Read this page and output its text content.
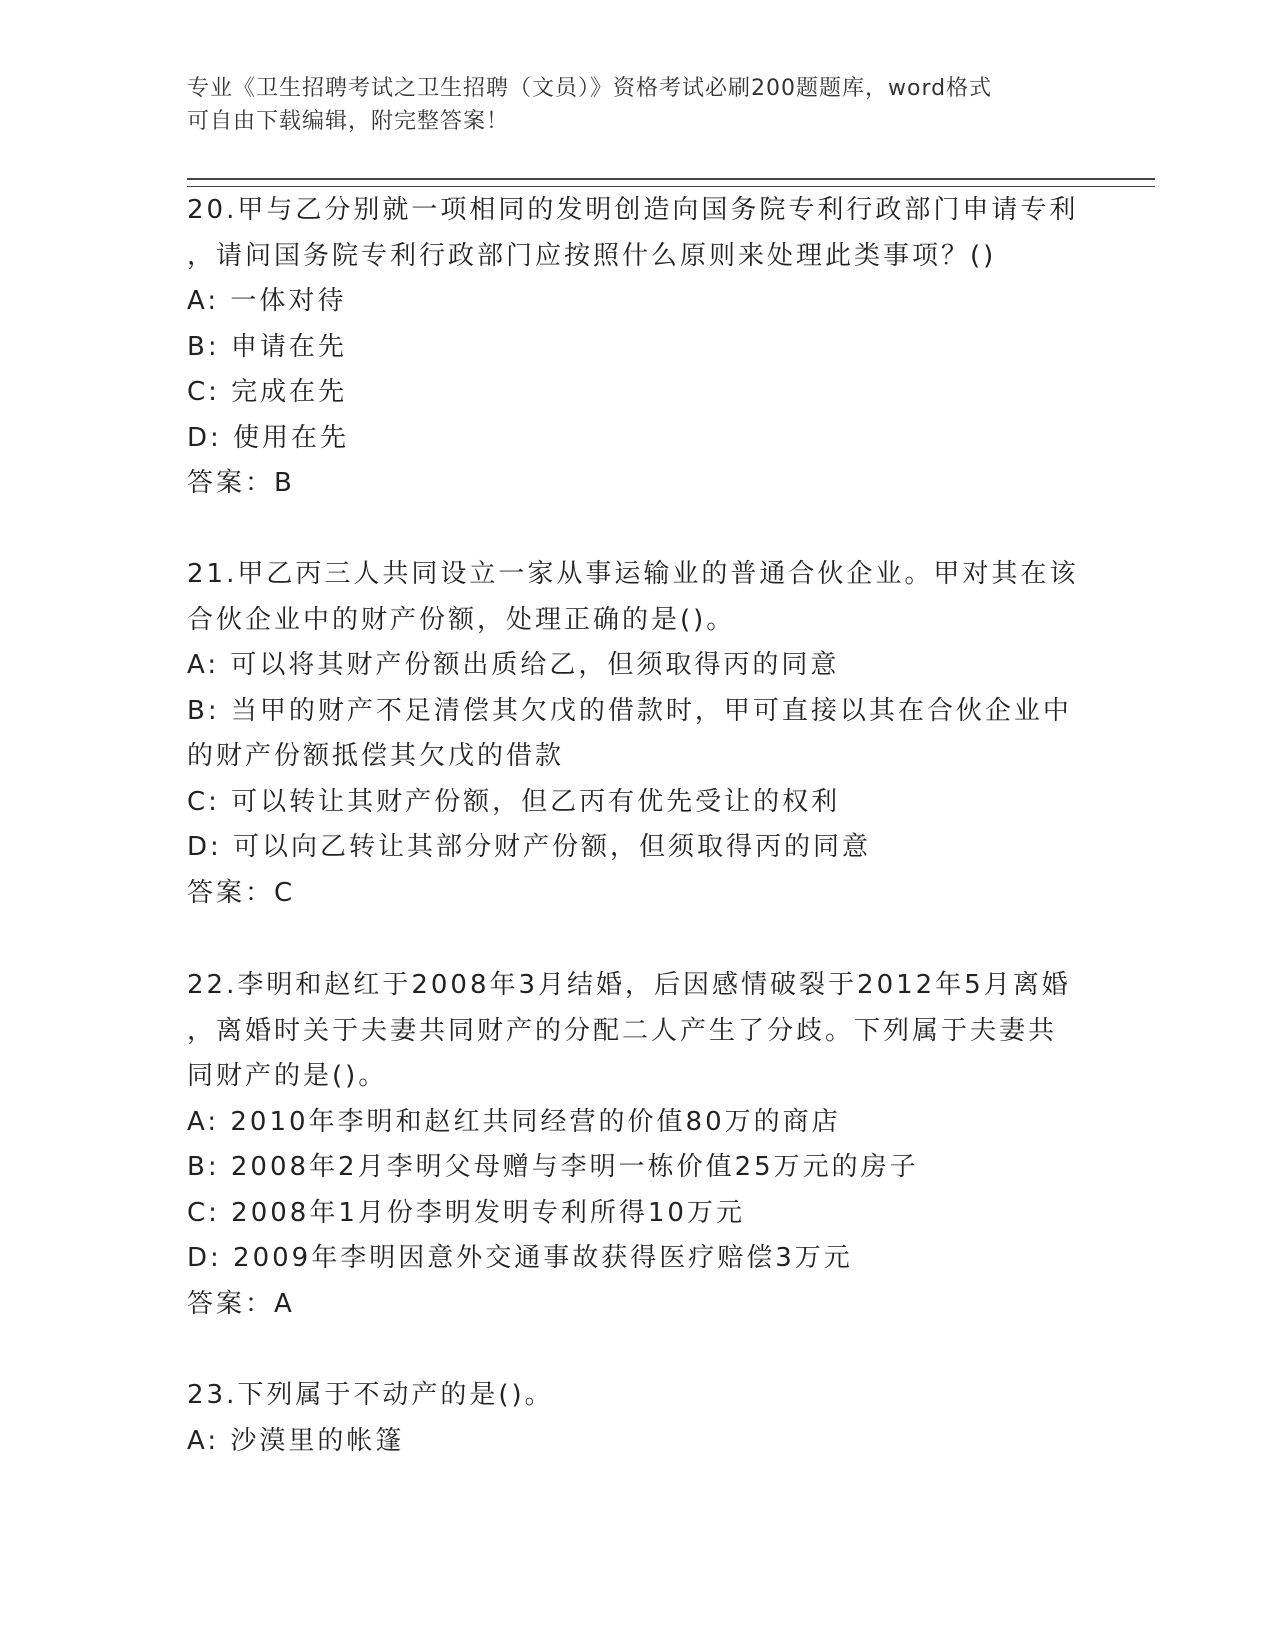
专业《卫生招聘考试之卫生招聘（文员）》资格考试必刷200题题库，word格式
可自由下载编辑，附完整答案！
20.甲与乙分别就一项相同的发明创造向国务院专利行政部门申请专利
，请问国务院专利行政部门应按照什么原则来处理此类事项？()
A: 一体对待
B: 申请在先
C: 完成在先
D: 使用在先
答案：B
21.甲乙丙三人共同设立一家从事运输业的普通合伙企业。甲对其在该
合伙企业中的财产份额，处理正确的是()。
A: 可以将其财产份额出质给乙，但须取得丙的同意
B: 当甲的财产不足清偿其欠戊的借款时，甲可直接以其在合伙企业中
的财产份额抵偿其欠戊的借款
C: 可以转让其财产份额，但乙丙有优先受让的权利
D: 可以向乙转让其部分财产份额，但须取得丙的同意
答案：C
22.李明和赵红于2008年3月结婚，后因感情破裂于2012年5月离婚
，离婚时关于夫妻共同财产的分配二人产生了分歧。下列属于夫妻共
同财产的是()。
A: 2010年李明和赵红共同经营的价值80万的商店
B: 2008年2月李明父母赠与李明一栋价值25万元的房子
C: 2008年1月份李明发明专利所得10万元
D: 2009年李明因意外交通事故获得医疗赔偿3万元
答案：A
23.下列属于不动产的是()。
A: 沙漠里的帐篷
